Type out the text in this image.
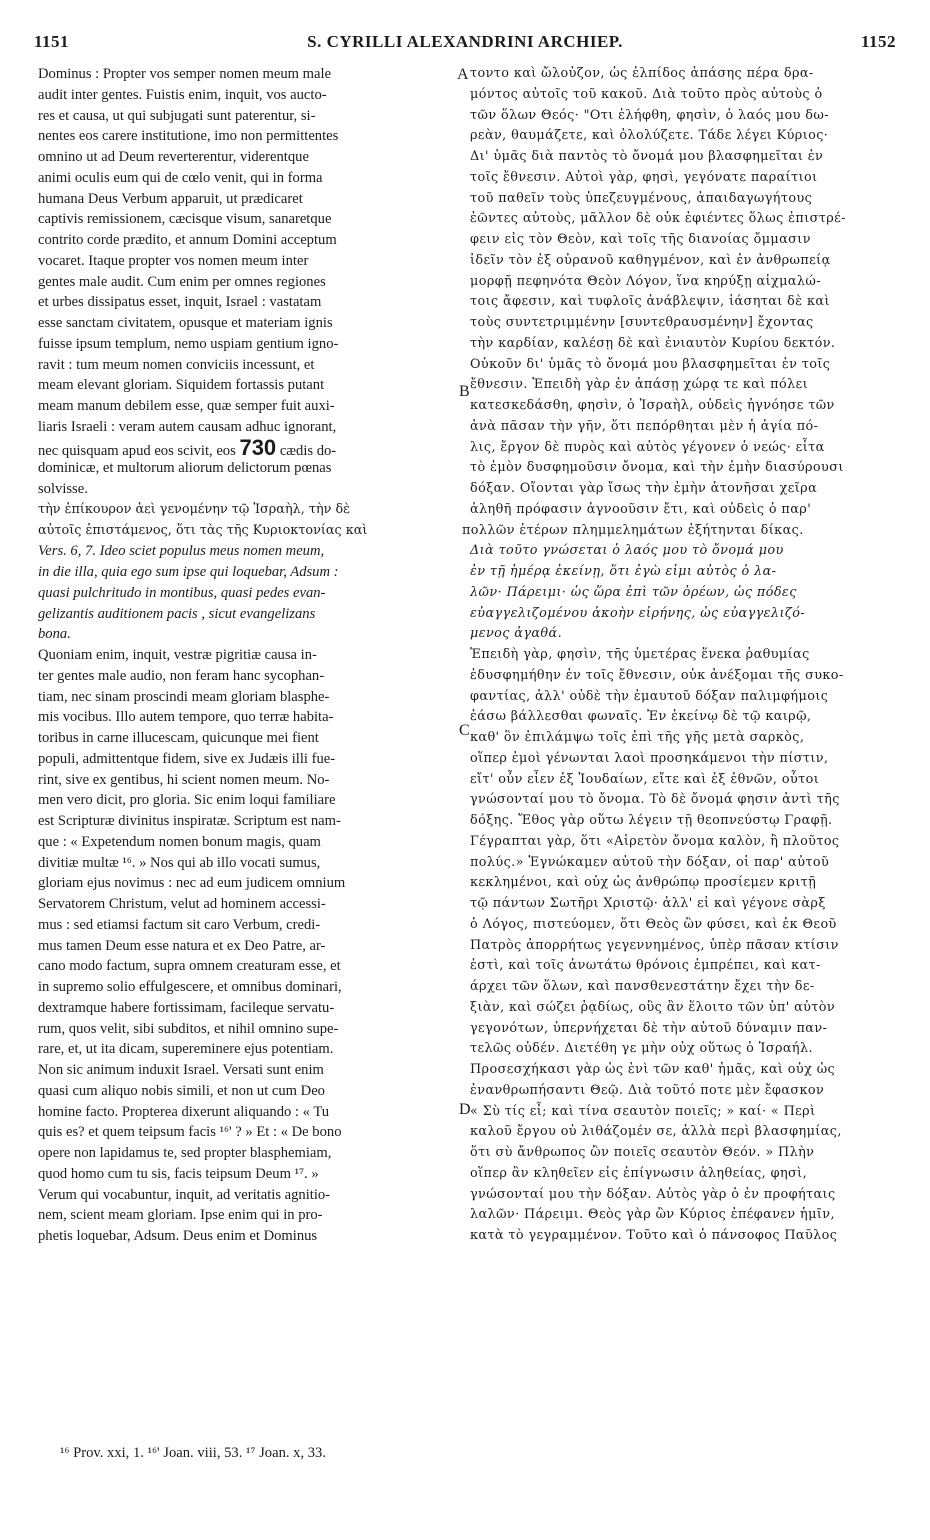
1151	S. CYRILLI ALEXANDRINI ARCHIEP.	1152
A
B
C
D
Dominus : Propter vos semper nomen meum male
audit inter gentes. Fuistis enim, inquit, vos aucto-
res et causa, ut qui subjugati sunt paterentur, si-
nentes eos carere institutione, imo non permittentes
omnino ut ad Deum reverterentur, viderentque
animi oculis eum qui de cœlo venit, qui in forma
humana Deus Verbum apparuit, ut prædicaret
captivis remissionem, cæcisque visum, sanaretque
contrito corde prædito, et annum Domini acceptum
vocaret. Itaque propter vos nomen meum inter
gentes male audit. Cum enim per omnes regiones
et urbes dissipatus esset, inquit, Israel : vastatam
esse sanctam civitatem, opusque et materiam ignis
fuisse ipsum templum, nemo uspiam gentium igno-
ravit : tum meum nomen conviciis incessunt, et
meam elevant gloriam. Siquidem fortassis putant
meam manum debilem esse, quæ semper fuit auxi-
liaris Israeli : veram autem causam adhuc ignorant,
nec quisquam apud eos scivit, eos 730 cædis do-
dominicæ, et multorum aliorum delictorum pœnas
solvisse.
τὴν ἐπίκουρον ἀεὶ γενομένην τῷ Ἰσραὴλ, τὴν δὲ
αὐτοῖς ἐπιστάμενος, ὅτι τὰς τῆς Κυριοκτονίας καὶ
Vers. 6, 7. Ideo sciet populus meus nomen meum,
in die illa, quia ego sum ipse qui loquebar, Adsum :
quasi pulchritudo in montibus, quasi pedes evan-
gelizantis auditionem pacis , sicut evangelizans
bona.
Quoniam enim, inquit, vestræ pigritiæ causa in-
ter gentes male audio, non feram hanc sycophan-
tiam, nec sinam proscindi meam gloriam blasphe-
mis vocibus. Illo autem tempore, quo terræ habita-
toribus in carne illucescam, quicunque mei fient
populi, admittentque fidem, sive ex Judæis illi fue-
rint, sive ex gentibus, hi scient nomen meum. No-
men vero dicit, pro gloria. Sic enim loqui familiare
est Scripturæ divinitus inspiratæ. Scriptum est nam-
que : « Expetendum nomen bonum magis, quam
divitiæ multæ ¹⁶. » Nos qui ab illo vocati sumus,
gloriam ejus novimus : nec ad eum judicem omnium
Servatorem Christum, velut ad hominem accessi-
mus : sed etiamsi factum sit caro Verbum, credi-
mus tamen Deum esse natura et ex Deo Patre, ar-
cano modo factum, supra omnem creaturam esse, et
in supremo solio effulgescere, et omnibus dominari,
dextramque habere fortissimam, facileque servatu-
rum, quos velit, sibi subditos, et nihil omnino supe-
rare, et, ut ita dicam, supereminere ejus potentiam.
Non sic animum induxit Israel. Versati sunt enim
quasi cum aliquo nobis simili, et non ut cum Deo
homine facto. Propterea dixerunt aliquando : « Tu
quis es? et quem teipsum facis ¹⁶' ? » Et : « De bono
opere non lapidamus te, sed propter blasphemiam,
quod homo cum tu sis, facis teipsum Deum ¹⁷. »
Verum qui vocabuntur, inquit, ad veritatis agnitio-
nem, scient meam gloriam. Ipse enim qui in pro-
phetis loquebar, Adsum. Deus enim et Dominus
τοντο καὶ ὤλοὐζον, ὡς ἐλπίδος ἁπάσης πέρα δρα-
μόντος αὐτοῖς τοῦ κακοῦ. Διὰ τοῦτο πρὸς αὐτοὺς ὁ
τῶν ὅλων Θεός· "Οτι ἐλήφθη, φησὶν, ὁ λαός μου δω-
ρεὰν, θαυμάζετε, καὶ ὀλολύζετε. Τάδε λέγει Κύριος·
Δι' ὑμᾶς διὰ παντὸς τὸ ὄνομά μου βλασφημεῖται ἐν
τοῖς ἔθνεσιν. Αὐτοὶ γὰρ, φησὶ, γεγόνατε παραίτιοι
τοῦ παθεῖν τοὺς ὑπεζευγμένους, ἀπαιδαγωγήτους
ἐῶντες αὐτοὺς, μᾶλλον δὲ οὐκ ἐφιέντες ὅλως ἐπιστρέ-
φειν εἰς τὸν Θεὸν, καὶ τοῖς τῆς διανοίας ὄμμασιν
ἰδεῖν τὸν ἐξ οὐρανοῦ καθηγμένον, καὶ ἐν ἀνθρωπείᾳ
μορφῇ πεφηνότα Θεὸν Λόγον, ἵνα κηρύξῃ αἰχμαλώ-
τοις ἄφεσιν, καὶ τυφλοῖς ἀνάβλεψιν, ἰάσηται δὲ καὶ
τοὺς συντετριμμένην [συντεθραυσμένην] ἔχοντας
τὴν καρδίαν, καλέσῃ δὲ καὶ ἐνιαυτὸν Κυρίου δεκτόν.
Οὐκοῦν δι' ὑμᾶς τὸ ὄνομά μου βλασφημεῖται ἐν τοῖς
ἔθνεσιν. Ἐπειδὴ γὰρ ἐν ἁπάσῃ χώρᾳ τε καὶ πόλει
κατεσκεδάσθη, φησὶν, ὁ Ἰσραὴλ, οὐδεὶς ἠγνόησε τῶν
ἀνὰ πᾶσαν τὴν γῆν, ὅτι πεπόρθηται μὲν ἡ ἁγία πό-
λις, ἔργον δὲ πυρὸς καὶ αὐτὸς γέγονεν ὁ νεώς· εἶτα
τὸ ἐμὸν δυσφημοῦσιν ὄνομα, καὶ τὴν ἐμὴν διασύρουσι
δόξαν. Οἴονται γὰρ ἴσως τὴν ἐμὴν ἀτονῆσαι χεῖρα
ἀληθῆ πρόφασιν ἀγνοοῦσιν ἔτι, καὶ οὐδεὶς ὁ παρ'
πολλῶν ἑτέρων πλημμελημάτων ἐξήτηνται δίκας.
Διὰ τοῦτο γνώσεται ὁ λαός μου τὸ ὄνομά μου
ἐν τῇ ἡμέρᾳ ἐκείνῃ, ὅτι ἐγὼ εἰμι αὐτὸς ὁ λα-
λῶν· Πάρειμι· ὡς ὥρα ἐπὶ τῶν ὀρέων, ὡς πόδες
εὐαγγελιζομένου ἀκοὴν εἰρήνης, ὡς εὐαγγελιζό-
μενος ἀγαθά.
Ἐπειδὴ γὰρ, φησὶν, τῆς ὑμετέρας ἕνεκα ῥαθυμίας
ἐδυσφημήθην ἐν τοῖς ἔθνεσιν, οὐκ ἀνέξομαι τῆς συκο-
φαντίας, ἀλλ' οὐδὲ τὴν ἐμαυτοῦ δόξαν παλιμφήμοις
ἐάσω βάλλεσθαι φωναῖς. Ἐν ἐκείνῳ δὲ τῷ καιρῷ,
καθ' ὃν ἐπιλάμψω τοῖς ἐπὶ τῆς γῆς μετὰ σαρκὸς,
οἵπερ ἐμοὶ γένωνται λαοὶ προσηκάμενοι τὴν πίστιν,
εἴτ' οὖν εἶεν ἐξ Ἰουδαίων, εἴτε καὶ ἐξ ἐθνῶν, οὗτοι
γνώσονταί μου τὸ ὄνομα. Τὸ δὲ ὄνομά φησιν ἀντὶ τῆς
δόξης. Ἔθος γὰρ οὕτω λέγειν τῇ θεοπνεύστῳ Γραφῇ.
Γέγραπται γὰρ, ὅτι «Αἱρετὸν ὄνομα καλὸν, ἢ πλοῦτος
πολύς.» Ἐγνώκαμεν αὐτοῦ τὴν δόξαν, οἱ παρ' αὐτοῦ
κεκλημένοι, καὶ οὐχ ὡς ἀνθρώπῳ προσίεμεν κριτῇ
τῷ πάντων Σωτῆρι Χριστῷ· ἀλλ' εἰ καὶ γέγονε σὰρξ
ὁ Λόγος, πιστεύομεν, ὅτι Θεὸς ὢν φύσει, καὶ ἐκ Θεοῦ
Πατρὸς ἀπορρήτως γεγεννημένος, ὑπὲρ πᾶσαν κτίσιν
ἐστὶ, καὶ τοῖς ἀνωτάτω θρόνοις ἐμπρέπει, καὶ κατ-
άρχει τῶν ὅλων, καὶ πανσθενεστάτην ἔχει τὴν δε-
ξιὰν, καὶ σώζει ῥᾳδίως, οὓς ἂν ἕλοιτο τῶν ὑπ' αὐτὸν
γεγονότων, ὑπερνήχεται δὲ τὴν αὐτοῦ δύναμιν παν-
τελῶς οὐδέν. Διετέθη γε μὴν οὐχ οὕτως ὁ Ἰσραήλ.
Προσεσχήκασι γὰρ ὡς ἑνὶ τῶν καθ' ἡμᾶς, καὶ οὐχ ὡς
ἐνανθρωπήσαντι Θεῷ. Διὰ τοῦτό ποτε μὲν ἔφασκον
« Σὺ τίς εἶ; καὶ τίνα σεαυτὸν ποιεῖς; » καί· « Περὶ
καλοῦ ἔργου οὐ λιθάζομέν σε, ἀλλὰ περὶ βλασφημίας,
ὅτι σὺ ἄνθρωπος ὢν ποιεῖς σεαυτὸν Θεόν. » Πλὴν
οἵπερ ἂν κληθεῖεν εἰς ἐπίγνωσιν ἀληθείας, φησὶ,
γνώσονταί μου τὴν δόξαν. Αὐτὸς γὰρ ὁ ἐν προφήταις
λαλῶν· Πάρειμι. Θεὸς γὰρ ὢν Κύριος ἐπέφανεν ἡμῖν,
κατὰ τὸ γεγραμμένον. Τοῦτο καὶ ὁ πάνσοφος Παῦλος
¹⁶ Prov. xxi, 1. ¹⁶' Joan. viii, 53. ¹⁷ Joan. x, 33.
